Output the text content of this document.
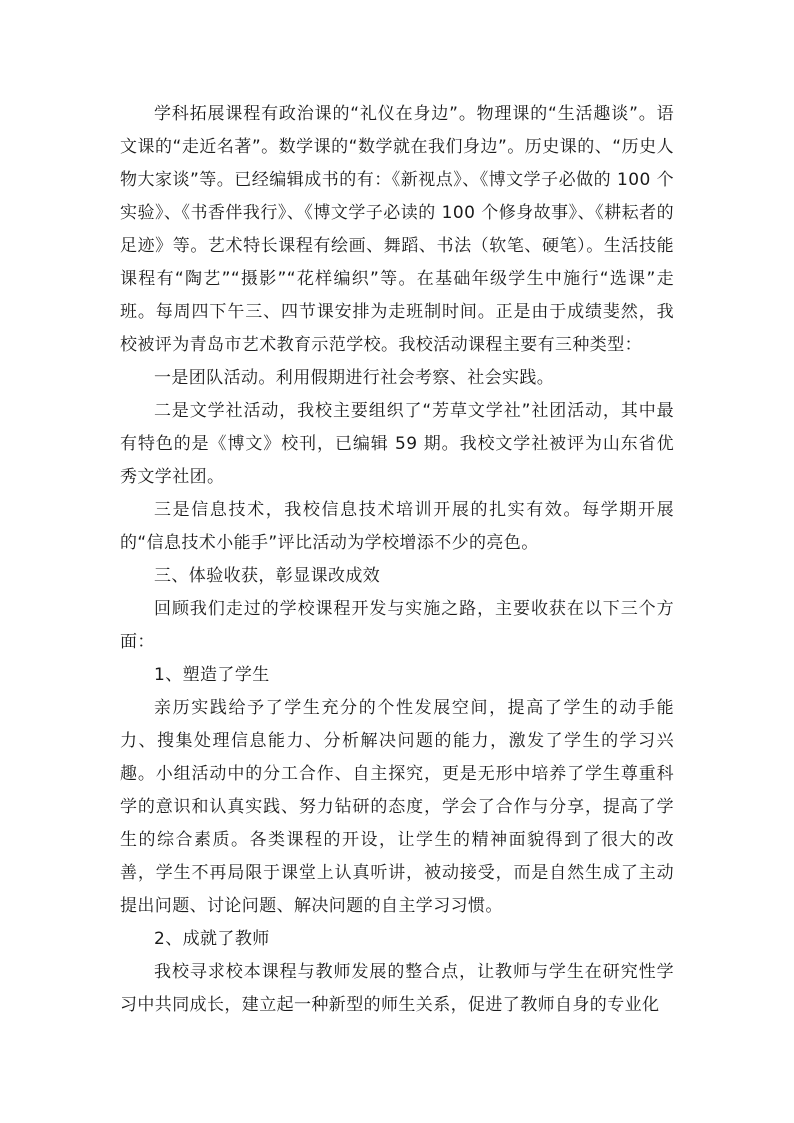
学科拓展课程有政治课的“礼仪在身边”。物理课的“生活趣谈”。语文课的“走近名著”。数学课的“数学就在我们身边”。历史课的、“历史人物大家谈”等。已经编辑成书的有：《新视点》、《博文学子必做的 100 个实验》、《书香伴我行》、《博文学子必读的 100 个修身故事》、《耕耘者的足迹》等。艺术特长课程有绘画、舞蹈、书法（软笔、硬笔）。生活技能课程有“陶艺”“摄影”“花样编织”等。在基础年级学生中施行“选课”走班。每周四下午三、四节课安排为走班制时间。正是由于成绩斐然，我校被评为青岛市艺术教育示范学校。我校活动课程主要有三种类型：

一是团队活动。利用假期进行社会考察、社会实践。

二是文学社活动，我校主要组织了“芳草文学社”社团活动，其中最有特色的是《博文》校刊，已编辑 59 期。我校文学社被评为山东省优秀文学社团。

三是信息技术，我校信息技术培训开展的扎实有效。每学期开展的“信息技术小能手”评比活动为学校增添不少的亮色。

三、体验收获，彰显课改成效

回顾我们走过的学校课程开发与实施之路，主要收获在以下三个方面：

1、塑造了学生

亲历实践给予了学生充分的个性发展空间，提高了学生的动手能力、搜集处理信息能力、分析解决问题的能力，激发了学生的学习兴趣。小组活动中的分工合作、自主探究，更是无形中培养了学生尊重科学的意识和认真实践、努力钻研的态度，学会了合作与分享，提高了学生的综合素质。各类课程的开设，让学生的精神面貌得到了很大的改善，学生不再局限于课堂上认真听讲，被动接受，而是自然生成了主动提出问题、讨论问题、解决问题的自主学习习惯。

2、成就了教师

我校寻求校本课程与教师发展的整合点，让教师与学生在研究性学习中共同成长，建立起一种新型的师生关系，促进了教师自身的专业化
